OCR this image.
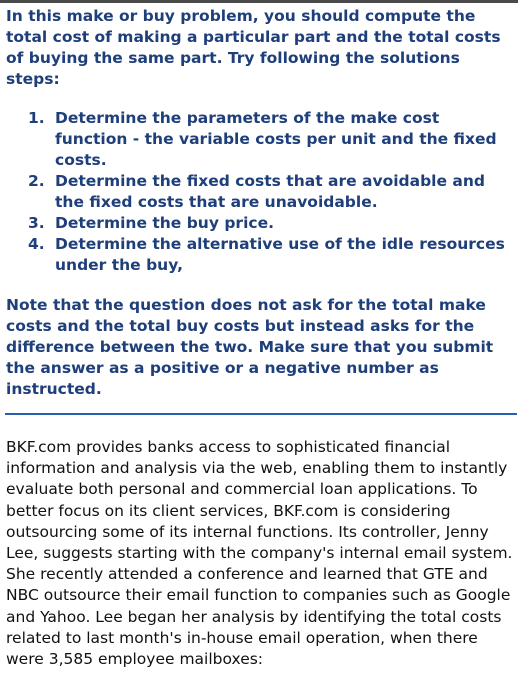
In this make or buy problem, you should compute the total cost of making a particular part and the total costs of buying the same part. Try following the solutions steps:

1. Determine the parameters of the make cost function - the variable costs per unit and the fixed costs.
2. Determine the fixed costs that are avoidable and the fixed costs that are unavoidable.
3. Determine the buy price.
4. Determine the alternative use of the idle resources under the buy,

Note that the question does not ask for the total make costs and the total buy costs but instead asks for the difference between the two. Make sure that you submit the answer as a positive or a negative number as instructed.

BKF.com provides banks access to sophisticated financial information and analysis via the web, enabling them to instantly evaluate both personal and commercial loan applications. To better focus on its client services, BKF.com is considering outsourcing some of its internal functions. Its controller, Jenny Lee, suggests starting with the company's internal email system. She recently attended a conference and learned that GTE and NBC outsource their email function to companies such as Google and Yahoo. Lee began her analysis by identifying the total costs related to last month's in-house email operation, when there were 3,585 employee mailboxes:
